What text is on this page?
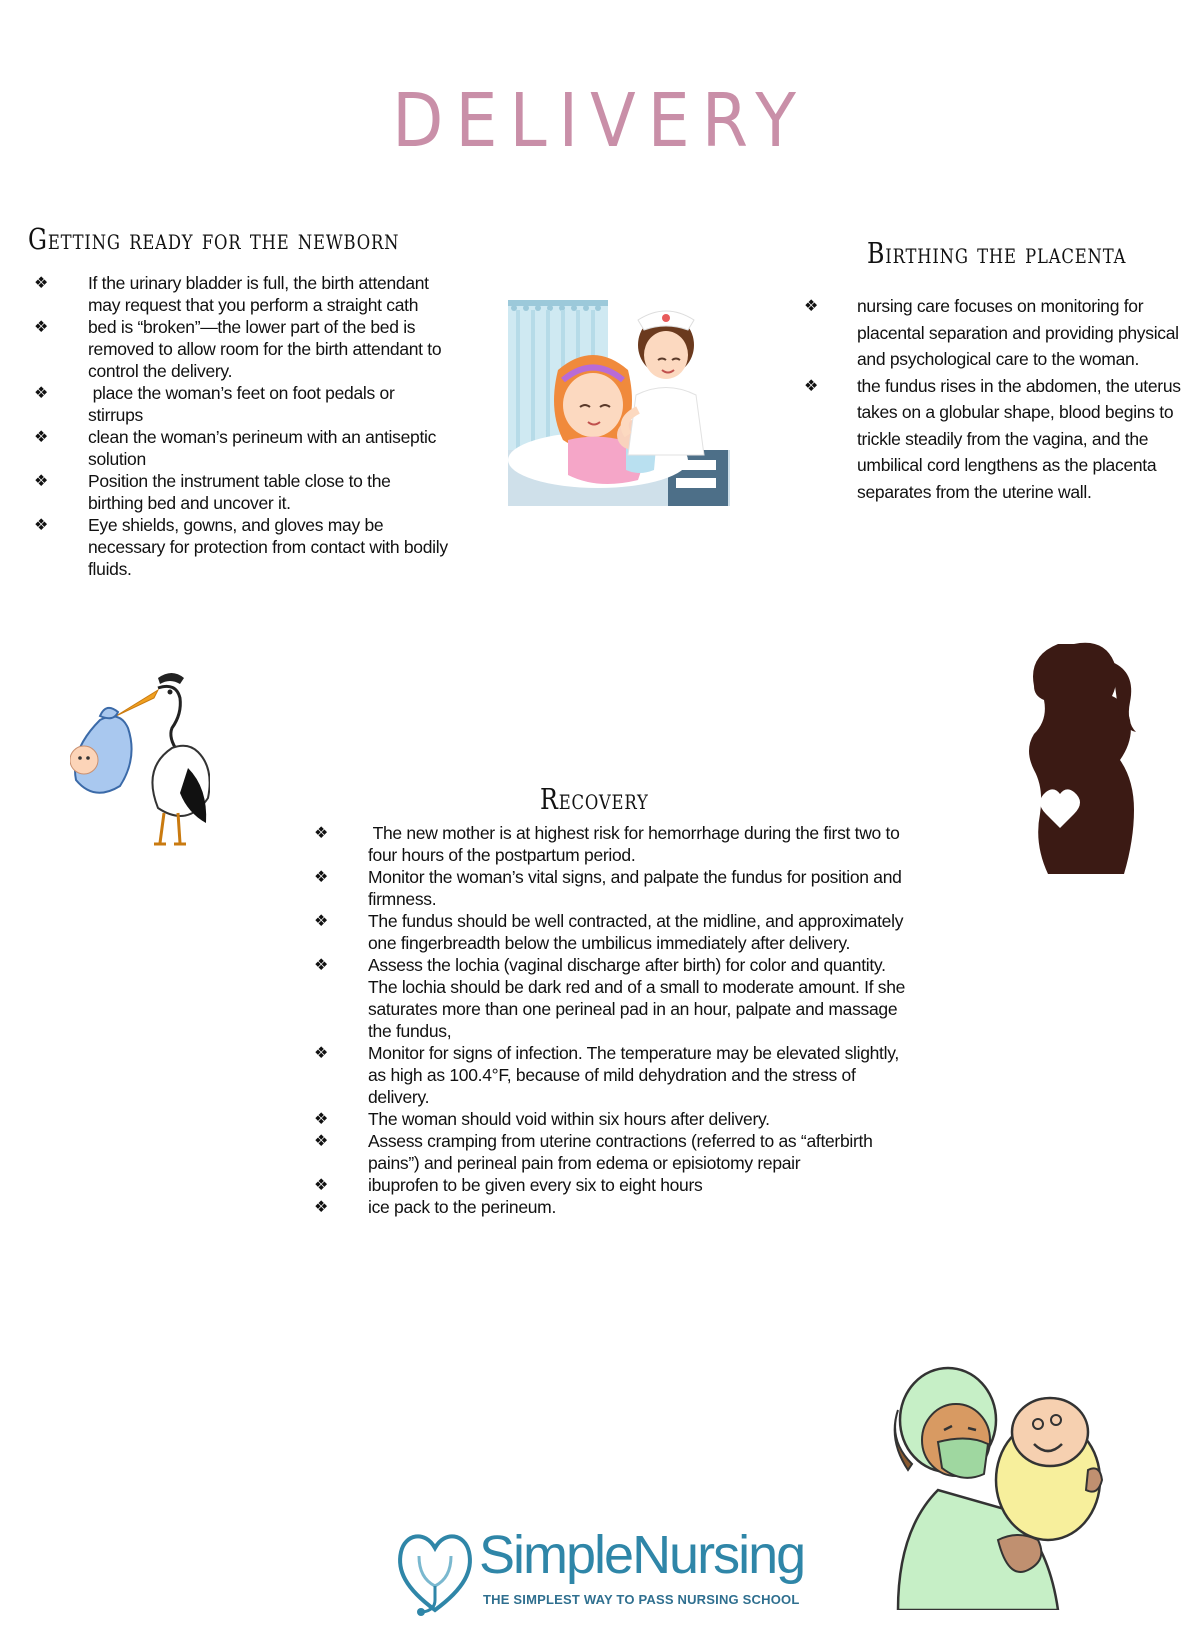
DELIVERY
Getting ready for the newborn
❖ If the urinary bladder is full, the birth attendant may request that you perform a straight cath
❖ bed is “broken”—the lower part of the bed is removed to allow room for the birth attendant to control the delivery.
❖ place the woman’s feet on foot pedals or stirrups
❖ clean the woman’s perineum with an antiseptic solution
❖ Position the instrument table close to the birthing bed and uncover it.
❖ Eye shields, gowns, and gloves may be necessary for protection from contact with bodily fluids.
Birthing the placenta
❖ nursing care focuses on monitoring for placental separation and providing physical and psychological care to the woman.
❖ the fundus rises in the abdomen, the uterus takes on a globular shape, blood begins to trickle steadily from the vagina, and the umbilical cord lengthens as the placenta separates from the uterine wall.
Recovery
❖ The new mother is at highest risk for hemorrhage during the first two to four hours of the postpartum period.
❖ Monitor the woman’s vital signs, and palpate the fundus for position and firmness.
❖ The fundus should be well contracted, at the midline, and approximately one fingerbreadth below the umbilicus immediately after delivery.
❖ Assess the lochia (vaginal discharge after birth) for color and quantity. The lochia should be dark red and of a small to moderate amount. If she saturates more than one perineal pad in an hour, palpate and massage the fundus,
❖ Monitor for signs of infection. The temperature may be elevated slightly, as high as 100.4°F, because of mild dehydration and the stress of delivery.
❖ The woman should void within six hours after delivery.
❖ Assess cramping from uterine contractions (referred to as “afterbirth pains”) and perineal pain from edema or episiotomy repair
❖ ibuprofen to be given every six to eight hours
❖ ice pack to the perineum.
SimpleNursing
THE SIMPLEST WAY TO PASS NURSING SCHOOL
